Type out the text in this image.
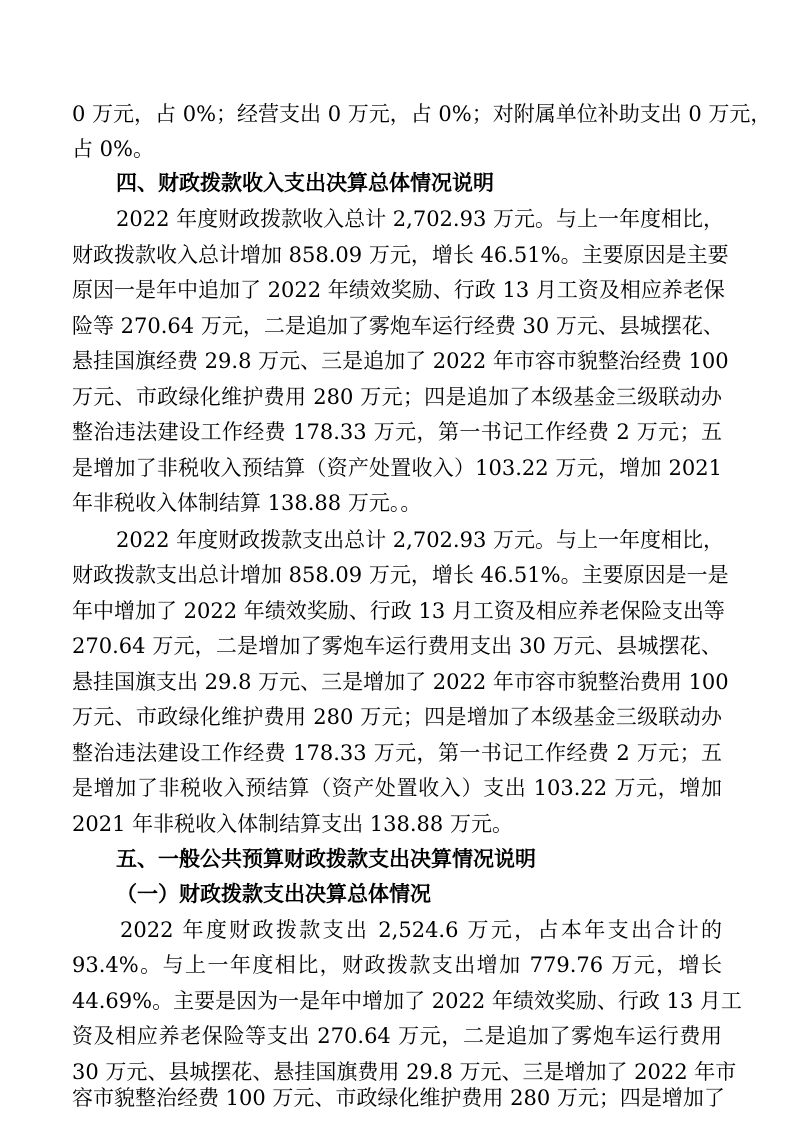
0 万元，占 0%；经营支出 0 万元，占 0%；对附属单位补助支出 0 万元，
占 0%。
四、财政拨款收入支出决算总体情况说明
2022 年度财政拨款收入总计 2,702.93 万元。与上一年度相比，
财政拨款收入总计增加 858.09 万元，增长 46.51%。主要原因是主要
原因一是年中追加了 2022 年绩效奖励、行政 13 月工资及相应养老保
险等 270.64 万元，二是追加了雾炮车运行经费 30 万元、县城摆花、
悬挂国旗经费 29.8 万元、三是追加了 2022 年市容市貌整治经费 100
万元、市政绿化维护费用 280 万元；四是追加了本级基金三级联动办
整治违法建设工作经费 178.33 万元，第一书记工作经费 2 万元；五
是增加了非税收入预结算（资产处置收入）103.22 万元，增加 2021
年非税收入体制结算 138.88 万元。。
2022 年度财政拨款支出总计 2,702.93 万元。与上一年度相比，
财政拨款支出总计增加 858.09 万元，增长 46.51%。主要原因是一是
年中增加了 2022 年绩效奖励、行政 13 月工资及相应养老保险支出等
270.64 万元，二是增加了雾炮车运行费用支出 30 万元、县城摆花、
悬挂国旗支出 29.8 万元、三是增加了 2022 年市容市貌整治费用 100
万元、市政绿化维护费用 280 万元；四是增加了本级基金三级联动办
整治违法建设工作经费 178.33 万元，第一书记工作经费 2 万元；五
是增加了非税收入预结算（资产处置收入）支出 103.22 万元，增加
2021 年非税收入体制结算支出 138.88 万元。
五、一般公共预算财政拨款支出决算情况说明
（一）财政拨款支出决算总体情况
2022 年度财政拨款支出 2,524.6 万元，占本年支出合计的
93.4%。与上一年度相比，财政拨款支出增加 779.76 万元，增长
44.69%。主要是因为一是年中增加了 2022 年绩效奖励、行政 13 月工
资及相应养老保险等支出 270.64 万元，二是追加了雾炮车运行费用
30 万元、县城摆花、悬挂国旗费用 29.8 万元、三是增加了 2022 年市
容市貌整治经费 100 万元、市政绿化维护费用 280 万元；四是增加了
